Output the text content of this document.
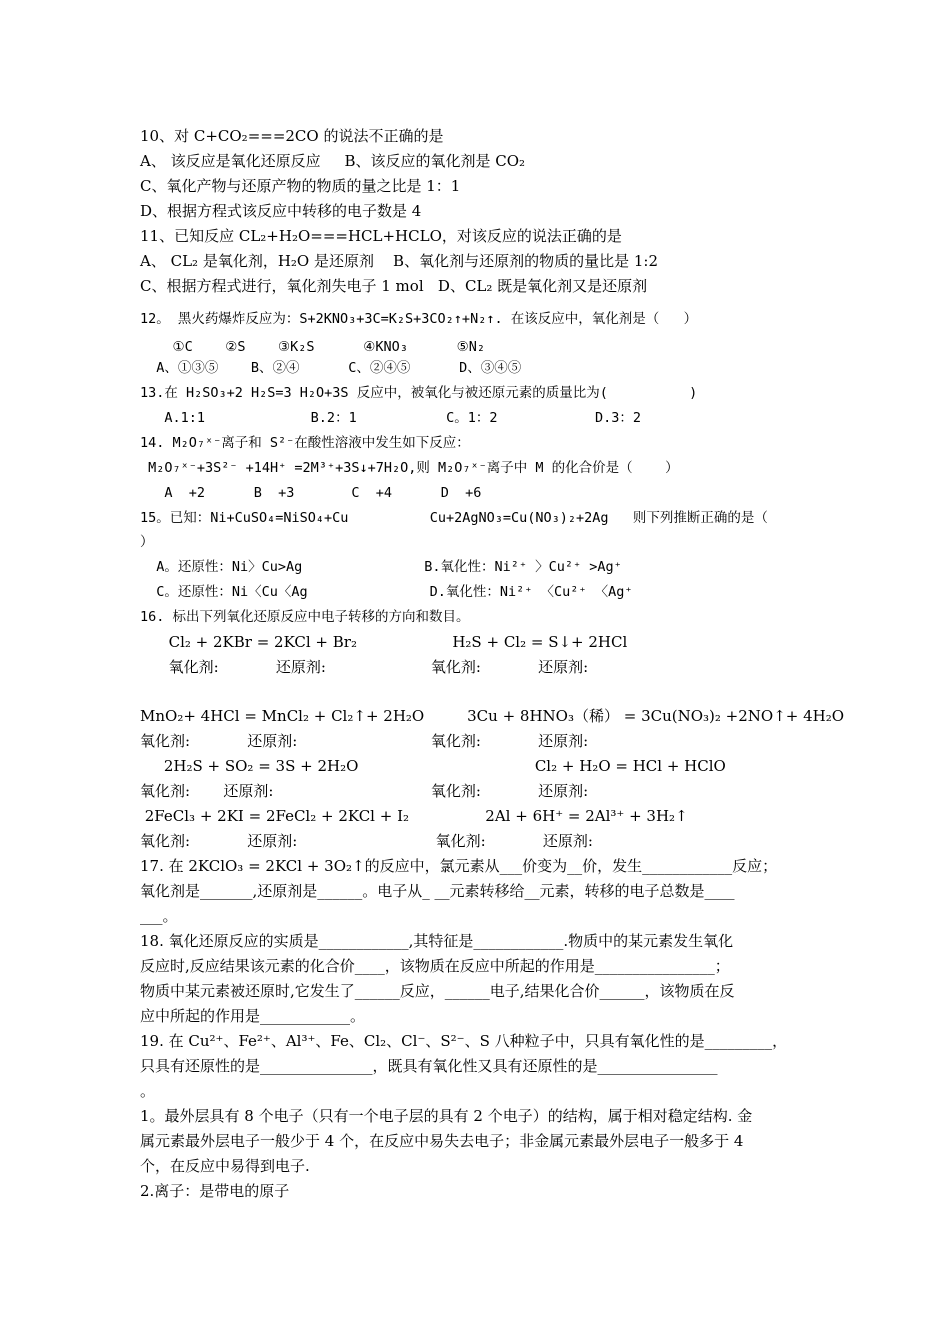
10、对 C+CO₂===2CO 的说法不正确的是
A、 该反应是氧化还原反应     B、该反应的氧化剂是 CO₂
C、氧化产物与还原产物的物质的量之比是 1：1
D、根据方程式该反应中转移的电子数是 4
11、已知反应 CL₂+H₂O===HCL+HCLO，对该反应的说法正确的是
A、 CL₂ 是氧化剂，H₂O 是还原剂    B、氧化剂与还原剂的物质的量比是 1:2
C、根据方程式进行，氧化剂失电子 1 mol   D、CL₂ 既是氧化剂又是还原剂
12。 黑火药爆炸反应为：S+2KNO₃+3C=K₂S+3CO₂↑+N₂↑. 在该反应中，氧化剂是（   ）
①C    ②S    ③K₂S      ④KNO₃      ⑤N₂
A、①③⑤    B、②④      C、②④⑤      D、③④⑤
13.在 H₂SO₃+2 H₂S=3 H₂O+3S 反应中，被氧化与被还原元素的质量比为(          )
A.1:1             B.2：1           C。1：2            D.3：2
14. M₂O₇ˣ⁻离子和 S²⁻在酸性溶液中发生如下反应：
M₂O₇ˣ⁻+3S²⁻ +14H⁺ =2M³⁺+3S↓+7H₂O,则 M₂O₇ˣ⁻离子中 M 的化合价是（    ）
A  +2      B  +3       C  +4      D  +6
15。已知：Ni+CuSO₄=NiSO₄+Cu          Cu+2AgNO₃=Cu(NO₃)₂+2Ag   则下列推断正确的是（
）
A。还原性：Ni〉Cu>Ag               B.氧化性：Ni²⁺ 〉Cu²⁺ >Ag⁺
C。还原性：Ni〈Cu〈Ag               D.氧化性：Ni²⁺ 〈Cu²⁺ 〈Ag⁺
16. 标出下列氧化还原反应中电子转移的方向和数目。
Cl₂ + 2KBr = 2KCl + Br₂                    H₂S + Cl₂ = S↓+ 2HCl
氧化剂:            还原剂:                      氧化剂:            还原剂:
MnO₂+ 4HCl = MnCl₂ + Cl₂↑+ 2H₂O         3Cu + 8HNO₃（稀） = 3Cu(NO₃)₂ +2NO↑+ 4H₂O
氧化剂:            还原剂:                            氧化剂:            还原剂:
2H₂S + SO₂ = 3S + 2H₂O                                     Cl₂ + H₂O = HCl + HClO
氧化剂:       还原剂:                                 氧化剂:            还原剂:
2FeCl₃ + 2KI = 2FeCl₂ + 2KCl + I₂                2Al + 6H⁺ = 2Al³⁺ + 3H₂↑
氧化剂:            还原剂:                             氧化剂:            还原剂:
17. 在 2KClO₃ = 2KCl + 3O₂↑的反应中，氯元素从___价变为__价，发生____________反应；
氧化剂是_______,还原剂是______。电子从_ __元素转移给__元素，转移的电子总数是____
___。
18. 氧化还原反应的实质是____________,其特征是____________.物质中的某元素发生氧化
反应时,反应结果该元素的化合价____，该物质在反应中所起的作用是________________；
物质中某元素被还原时,它发生了______反应，______电子,结果化合价______，该物质在反
应中所起的作用是____________。
19. 在 Cu²⁺、Fe²⁺、Al³⁺、Fe、Cl₂、Cl⁻、S²⁻、S 八种粒子中，只具有氧化性的是_________，
只具有还原性的是_______________，既具有氧化性又具有还原性的是________________
。
1。最外层具有 8 个电子（只有一个电子层的具有 2 个电子）的结构，属于相对稳定结构. 金
属元素最外层电子一般少于 4 个，在反应中易失去电子；非金属元素最外层电子一般多于 4
个，在反应中易得到电子.
2.离子：是带电的原子
